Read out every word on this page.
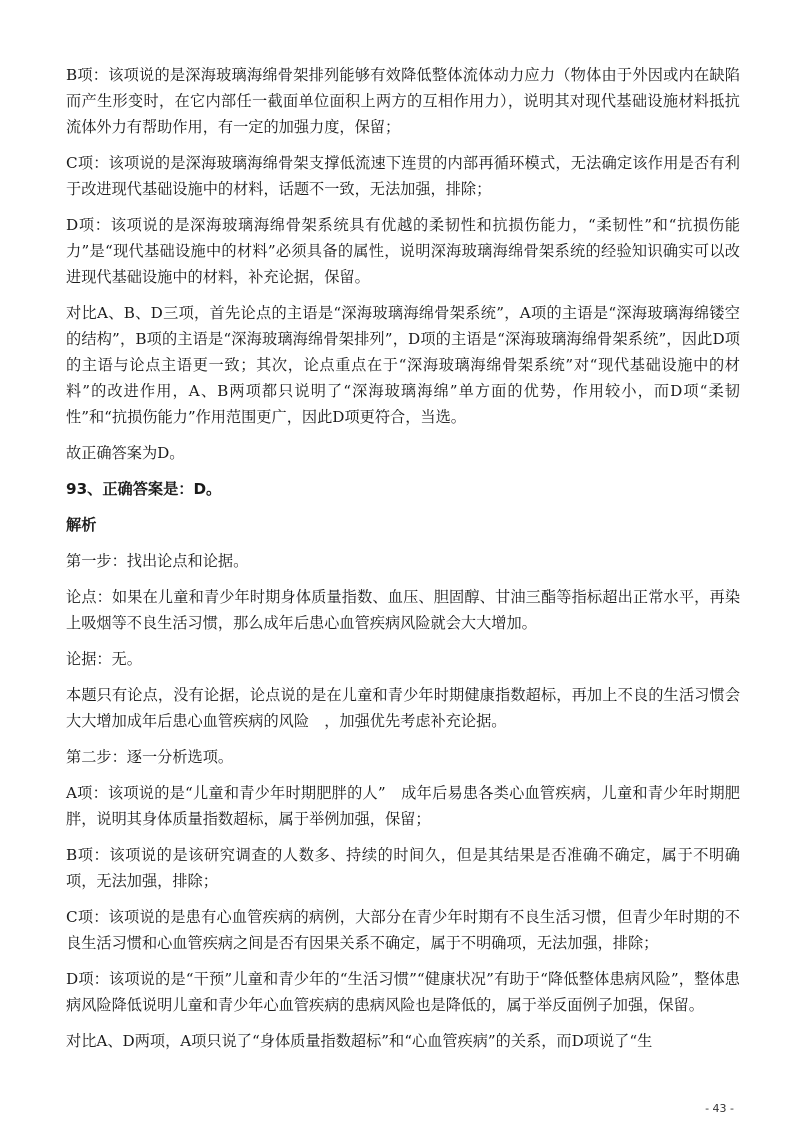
B项：该项说的是深海玻璃海绵骨架排列能够有效降低整体流体动力应力（物体由于外因或内在缺陷而产生形变时，在它内部任一截面单位面积上两方的互相作用力），说明其对现代基础设施材料抵抗流体外力有帮助作用，有一定的加强力度，保留；

C项：该项说的是深海玻璃海绵骨架支撑低流速下连贯的内部再循环模式，无法确定该作用是否有利于改进现代基础设施中的材料，话题不一致，无法加强，排除；

D项：该项说的是深海玻璃海绵骨架系统具有优越的柔韧性和抗损伤能力，“柔韧性”和“抗损伤能力”是“现代基础设施中的材料”必须具备的属性，说明深海玻璃海绵骨架系统的经验知识确实可以改进现代基础设施中的材料，补充论据，保留。

对比A、B、D三项，首先论点的主语是“深海玻璃海绵骨架系统”，A项的主语是“深海玻璃海绵镂空的结构”，B项的主语是“深海玻璃海绵骨架排列”，D项的主语是“深海玻璃海绵骨架系统”，因此D项的主语与论点主语更一致；其次，论点重点在于“深海玻璃海绵骨架系统”对“现代基础设施中的材料”的改进作用，A、B两项都只说明了“深海玻璃海绵”单方面的优势，作用较小，而D项“柔韧性”和“抗损伤能力”作用范围更广，因此D项更符合，当选。

故正确答案为D。

93、正确答案是：D。

解析

第一步：找出论点和论据。

论点：如果在儿童和青少年时期身体质量指数、血压、胆固醇、甘油三酯等指标超出正常水平，再染上吸烟等不良生活习惯，那么成年后患心血管疾病风险就会大大增加。

论据：无。

本题只有论点，没有论据，论点说的是在儿童和青少年时期健康指数超标，再加上不良的生活习惯会大大增加成年后患心血管疾病的风险　，加强优先考虑补充论据。

第二步：逐一分析选项。

A项：该项说的是“儿童和青少年时期肥胖的人”　成年后易患各类心血管疾病，儿童和青少年时期肥胖，说明其身体质量指数超标，属于举例加强，保留；

B项：该项说的是该研究调查的人数多、持续的时间久，但是其结果是否准确不确定，属于不明确项，无法加强，排除；

C项：该项说的是患有心血管疾病的病例，大部分在青少年时期有不良生活习惯，但青少年时期的不良生活习惯和心血管疾病之间是否有因果关系不确定，属于不明确项，无法加强，排除；

D项：该项说的是“干预”儿童和青少年的“生活习惯”“健康状况”有助于“降低整体患病风险”，整体患病风险降低说明儿童和青少年心血管疾病的患病风险也是降低的，属于举反面例子加强，保留。

对比A、D两项，A项只说了“身体质量指数超标”和“心血管疾病”的关系，而D项说了“生

- 43 -
